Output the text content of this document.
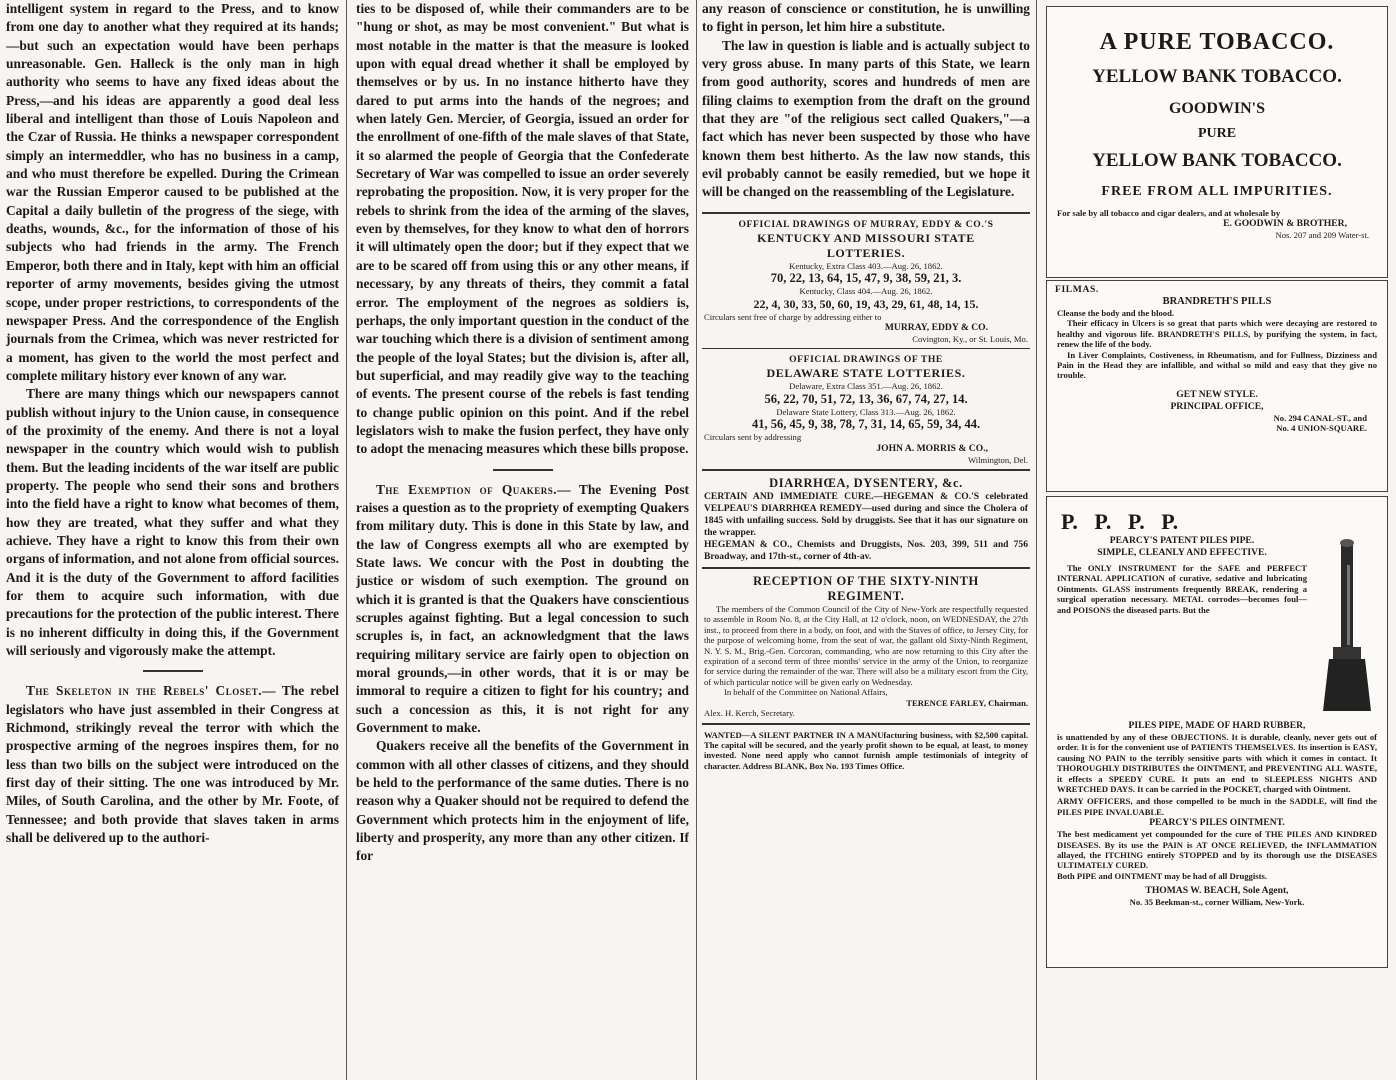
intelligent system in regard to the Press, and to know from one day to another what they required at its hands;—but such an expectation would have been perhaps unreasonable. Gen. Halleck is the only man in high authority who seems to have any fixed ideas about the Press,—and his ideas are apparently a good deal less liberal and intelligent than those of Louis Napoleon and the Czar of Russia. He thinks a newspaper correspondent simply an intermeddler, who has no business in a camp, and who must therefore be expelled. During the Crimean war the Russian Emperor caused to be published at the Capital a daily bulletin of the progress of the siege, with deaths, wounds, &c., for the information of those of his subjects who had friends in the army. The French Emperor, both there and in Italy, kept with him an official reporter of army movements, besides giving the utmost scope, under proper restrictions, to correspondents of the newspaper Press. And the correspondence of the English journals from the Crimea, which was never restricted for a moment, has given to the world the most perfect and complete military history ever known of any war.

There are many things which our newspapers cannot publish without injury to the Union cause, in consequence of the proximity of the enemy. And there is not a loyal newspaper in the country which would wish to publish them. But the leading incidents of the war itself are public property. The people who send their sons and brothers into the field have a right to know what becomes of them, how they are treated, what they suffer and what they achieve. They have a right to know this from their own organs of information, and not alone from official sources. And it is the duty of the Government to afford facilities for them to acquire such information, with due precautions for the protection of the public interest. There is no inherent difficulty in doing this, if the Government will seriously and vigorously make the attempt.

The Skeleton in the Rebels' Closet.— The rebel legislators who have just assembled in their Congress at Richmond, strikingly reveal the terror with which the prospective arming of the negroes inspires them, for no less than two bills on the subject were introduced on the first day of their sitting. The one was introduced by Mr. Miles, of South Carolina, and the other by Mr. Foote, of Tennessee; and both provide that slaves taken in arms shall be delivered up to the authori-

ties to be disposed of, while their commanders are to be "hung or shot, as may be most convenient." But what is most notable in the matter is that the measure is looked upon with equal dread whether it shall be employed by themselves or by us. In no instance hitherto have they dared to put arms into the hands of the negroes; and when lately Gen. Mercier, of Georgia, issued an order for the enrollment of one-fifth of the male slaves of that State, it so alarmed the people of Georgia that the Confederate Secretary of War was compelled to issue an order severely reprobating the proposition. Now, it is very proper for the rebels to shrink from the idea of the arming of the slaves, even by themselves, for they know to what den of horrors it will ultimately open the door; but if they expect that we are to be scared off from using this or any other means, if necessary, by any threats of theirs, they commit a fatal error. The employment of the negroes as soldiers is, perhaps, the only important question in the conduct of the war touching which there is a division of sentiment among the people of the loyal States; but the division is, after all, but superficial, and may readily give way to the teaching of events. The present course of the rebels is fast tending to change public opinion on this point. And if the rebel legislators wish to make the fusion perfect, they have only to adopt the menacing measures which these bills propose.

The Exemption of Quakers.— The Evening Post raises a question as to the propriety of exempting Quakers from military duty. This is done in this State by law, and the law of Congress exempts all who are exempted by State laws. We concur with the Post in doubting the justice or wisdom of such exemption. The ground on which it is granted is that the Quakers have conscientious scruples against fighting. But a legal concession to such scruples is, in fact, an acknowledgment that the laws requiring military service are fairly open to objection on moral grounds,—in other words, that it is or may be immoral to require a citizen to fight for his country; and such a concession as this, it is not right for any Government to make.

Quakers receive all the benefits of the Government in common with all other classes of citizens, and they should be held to the performance of the same duties. There is no reason why a Quaker should not be required to defend the Government which protects him in the enjoyment of life, liberty and prosperity, any more than any other citizen. If for

any reason of conscience or constitution, he is unwilling to fight in person, let him hire a substitute.

The law in question is liable and is actually subject to very gross abuse. In many parts of this State, we learn from good authority, scores and hundreds of men are filing claims to exemption from the draft on the ground that they are "of the religious sect called Quakers,"—a fact which has never been suspected by those who have known them best hitherto. As the law now stands, this evil probably cannot be easily remedied, but we hope it will be changed on the reassembling of the Legislature.

OFFICIAL DRAWINGS OF MURRAY, EDDY & CO.'S
KENTUCKY AND MISSOURI STATE
LOTTERIES.
Kentucky, Extra Class 403.—Aug. 26, 1862.
70, 22, 13, 64, 15, 47, 9, 38, 59, 21, 3.
Kentucky, Class 404.—Aug. 26, 1862.
22, 4, 30, 33, 50, 60, 19, 43, 29, 61, 48, 14, 15.
Circulars sent free of charge by addressing either to
MURRAY, EDDY & CO.
Covington, Ky., or St. Louis, Mo.
OFFICIAL DRAWINGS OF THE
DELAWARE STATE LOTTERIES.
Delaware, Extra Class 351.—Aug. 26, 1862.
56, 22, 70, 51, 72, 13, 36, 67, 74, 27, 14.
Delaware State Lottery, Class 313.—Aug. 26, 1862.
41, 56, 45, 9, 38, 78, 7, 31, 14, 65, 59, 34, 44.
Circulars sent by addressing
JOHN A. MORRIS & CO.,
Wilmington, Del.
DIARRHŒA, DYSENTERY, &c.
CERTAIN AND IMMEDIATE CURE.—HEGEMAN & CO.'S celebrated VELPEAU'S DIARRHŒA REMEDY—used during and since the Cholera of 1845 with unfailing success. Sold by druggists. See that it has our signature on the wrapper.
HEGEMAN & CO., Chemists and Druggists, Nos. 203, 399, 511 and 756 Broadway, and 17th-st., corner of 4th-av.
RECEPTION OF THE SIXTY-NINTH
REGIMENT.
The members of the Common Council of the City of New-York are respectfully requested to assemble in Room No. 8, at the City Hall, at 12 o'clock, noon, on WEDNESDAY, the 27th inst., to proceed from there in a body, on foot, and with the Staves of office, to Jersey City, for the purpose of welcoming home, from the seat of war, the gallant old Sixty-Ninth Regiment, N. Y. S. M., Brig.-Gen. Corcoran, commanding, who are now returning to this City after the expiration of a second term of three months' service in the army of the Union, to reorganize for service during the remainder of the war. There will also be a military escort from the City, of which particular notice will be given early on Wednesday.
In behalf of the Committee on National Affairs,
TERENCE FARLEY, Chairman.
Alex. H. Kerch, Secretary.
WANTED—A SILENT PARTNER IN A MANUfacturing business, with $2,500 capital. The capital will be secured, and the yearly profit shown to be equal, at least, to money invested. None need apply who cannot furnish ample testimonials of integrity of character. Address BLANK, Box No. 193 Times Office.
A PURE TOBACCO.
YELLOW BANK TOBACCO.
GOODWIN'S
PURE
YELLOW BANK TOBACCO.
FREE FROM ALL IMPURITIES.
For sale by all tobacco and cigar dealers, and at wholesale by
E. GOODWIN & BROTHER,
Nos. 207 and 209 Water-st.
FILMAS.
BRANDRETH'S PILLS
Cleanse the body and the blood.
Their efficacy in Ulcers is so great that parts which were decaying are restored to healthy and vigorous life. BRANDRETH'S PILLS, by purifying the system, in fact, renew the life of the body.
In Liver Complaints, Costiveness, in Rheumatism, and for Fullness, Dizziness and Pain in the Head they are infallible, and withal so mild and easy that they give no trouble.
GET NEW STYLE.
PRINCIPAL OFFICE,
No. 294 CANAL-ST., and
No. 4 UNION-SQUARE.
P.   P.   P.   P.
PEARCY'S PATENT PILES PIPE.
SIMPLE, CLEANLY AND EFFECTIVE.
The ONLY INSTRUMENT for the SAFE and PERFECT INTERNAL APPLICATION of curative, sedative and lubricating Ointments. GLASS instruments frequently BREAK, rendering a surgical operation necessary. METAL corrodes—becomes foul—and POISONS the diseased parts. But the
PILES PIPE, MADE OF HARD RUBBER,
is unattended by any of these OBJECTIONS. It is durable, cleanly, never gets out of order. It is for the convenient use of PATIENTS THEMSELVES. Its insertion is EASY, causing NO PAIN to the terribly sensitive parts with which it comes in contact. It THOROUGHLY DISTRIBUTES the OINTMENT, and PREVENTING ALL WASTE, it effects a SPEEDY CURE. It puts an end to SLEEPLESS NIGHTS AND WRETCHED DAYS. It can be carried in the POCKET, charged with Ointment.
ARMY OFFICERS, and those compelled to be much in the SADDLE, will find the PILES PIPE INVALUABLE.
PEARCY'S PILES OINTMENT.
The best medicament yet compounded for the cure of THE PILES AND KINDRED DISEASES. By its use the PAIN is AT ONCE RELIEVED, the INFLAMMATION allayed, the ITCHING entirely STOPPED and by its thorough use the DISEASES ULTIMATELY CURED.
Both PIPE and OINTMENT may be had of all Druggists.
THOMAS W. BEACH, Sole Agent,
No. 35 Beekman-st., corner William, New-York.
